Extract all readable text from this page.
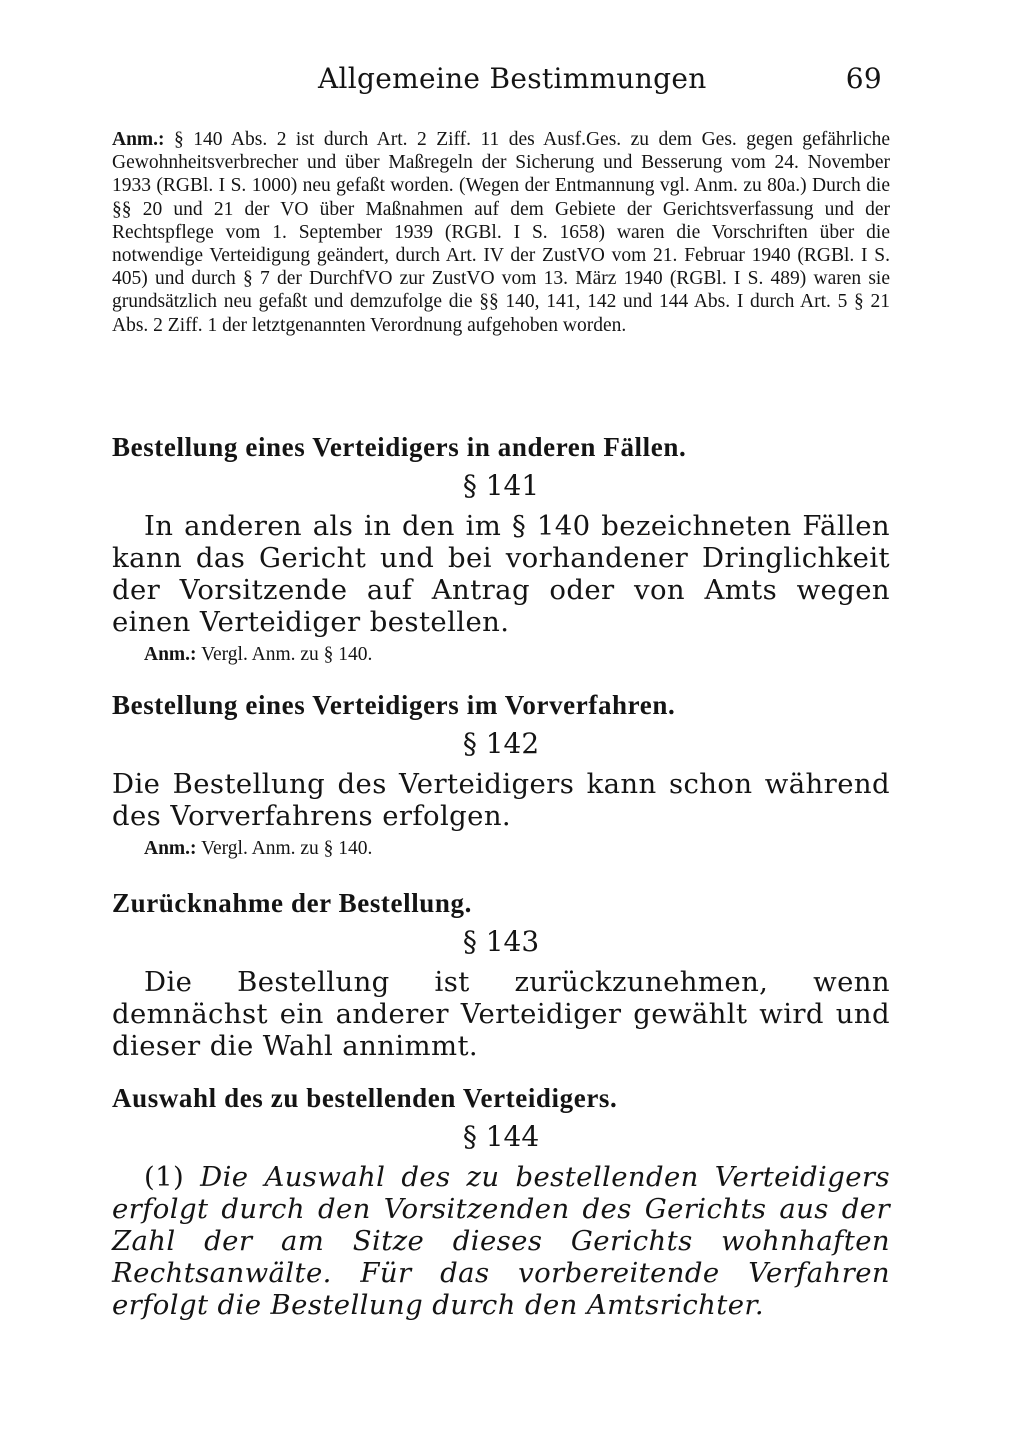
Allgemeine Bestimmungen	69

Anm.: § 140 Abs. 2 ist durch Art. 2 Ziff. 11 des Ausf.Ges. zu dem Ges. gegen gefährliche Gewohnheitsverbrecher und über Maßregeln der Sicherung und Besserung vom 24. November 1933 (RGBl. I S. 1000) neu gefaßt worden. (Wegen der Entmannung vgl. Anm. zu 80a.) Durch die §§ 20 und 21 der VO über Maßnahmen auf dem Gebiete der Gerichtsverfassung und der Rechtspflege vom 1. September 1939 (RGBl. I S. 1658) waren die Vorschriften über die notwendige Verteidigung geändert, durch Art. IV der ZustVO vom 21. Februar 1940 (RGBl. I S. 405) und durch § 7 der DurchfVO zur ZustVO vom 13. März 1940 (RGBl. I S. 489) waren sie grundsätzlich neu gefaßt und demzufolge die §§ 140, 141, 142 und 144 Abs. I durch Art. 5 § 21 Abs. 2 Ziff. 1 der letztgenannten Verordnung aufgehoben worden.

Bestellung eines Verteidigers in anderen Fällen.
§ 141

In anderen als in den im § 140 bezeichneten Fällen kann das Gericht und bei vorhandener Dringlichkeit der Vorsitzende auf Antrag oder von Amts wegen einen Verteidiger bestellen.

Anm.: Vergl. Anm. zu § 140.
Bestellung eines Verteidigers im Vorverfahren.
§ 142

Die Bestellung des Verteidigers kann schon während des Vorverfahrens erfolgen.

Anm.: Vergl. Anm. zu § 140.
Zurücknahme der Bestellung.
§ 143

Die Bestellung ist zurückzunehmen, wenn demnächst ein anderer Verteidiger gewählt wird und dieser die Wahl annimmt.

Auswahl des zu bestellenden Verteidigers.
§ 144

(1) Die Auswahl des zu bestellenden Verteidigers erfolgt durch den Vorsitzenden des Gerichts aus der Zahl der am Sitze dieses Gerichts wohnhaften Rechtsanwälte. Für das vorbereitende Verfahren erfolgt die Bestellung durch den Amtsrichter.
